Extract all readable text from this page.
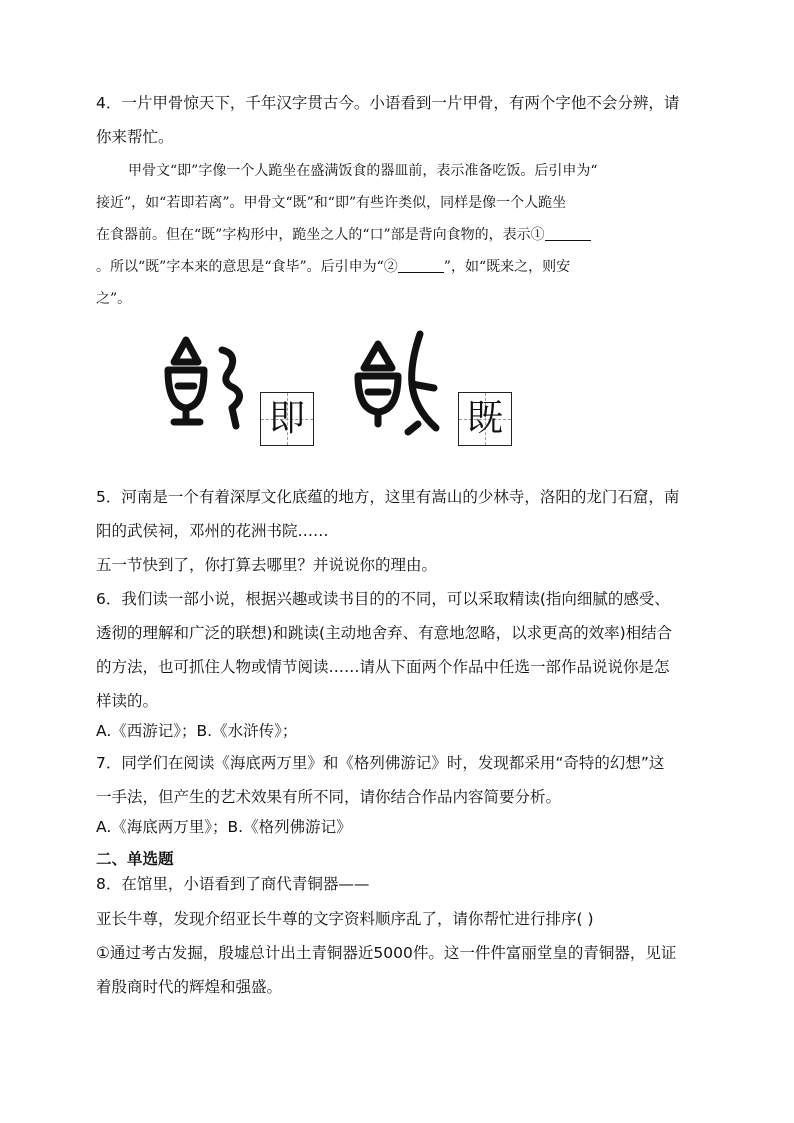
4．一片甲骨惊天下，千年汉字贯古今。小语看到一片甲骨，有两个字他不会分辨，请
你来帮忙。
甲骨文“即”字像一个人跪坐在盛满饭食的器皿前，表示准备吃饭。后引申为“
接近”，如“若即若离”。甲骨文“既”和“即”有些许类似，同样是像一个人跪坐
在食器前。但在“既”字构形中，跪坐之人的“口”部是背向食物的，表示①
。所以“既”字本来的意思是“食毕”。后引申为“②	”，如“既来之，则安
之”。
即	既
5．河南是一个有着深厚文化底蕴的地方，这里有嵩山的少林寺，洛阳的龙门石窟，南
阳的武侯祠，邓州的花洲书院……
五一节快到了，你打算去哪里？并说说你的理由。
6．我们读一部小说，根据兴趣或读书目的的不同，可以采取精读(指向细腻的感受、
透彻的理解和广泛的联想)和跳读(主动地舍弃、有意地忽略，以求更高的效率)相结合
的方法，也可抓住人物或情节阅读……请从下面两个作品中任选一部作品说说你是怎
样读的。
A.《西游记》；B.《水浒传》；
7．同学们在阅读《海底两万里》和《格列佛游记》时，发现都采用“奇特的幻想”这
一手法，但产生的艺术效果有所不同，请你结合作品内容简要分析。
A.《海底两万里》；B.《格列佛游记》
二、单选题
8．在馆里，小语看到了商代青铜器——
亚长牛尊，发现介绍亚长牛尊的文字资料顺序乱了，请你帮忙进行排序( )
①通过考古发掘，殷墟总计出土青铜器近5000件。这一件件富丽堂皇的青铜器，见证
着殷商时代的辉煌和强盛。
